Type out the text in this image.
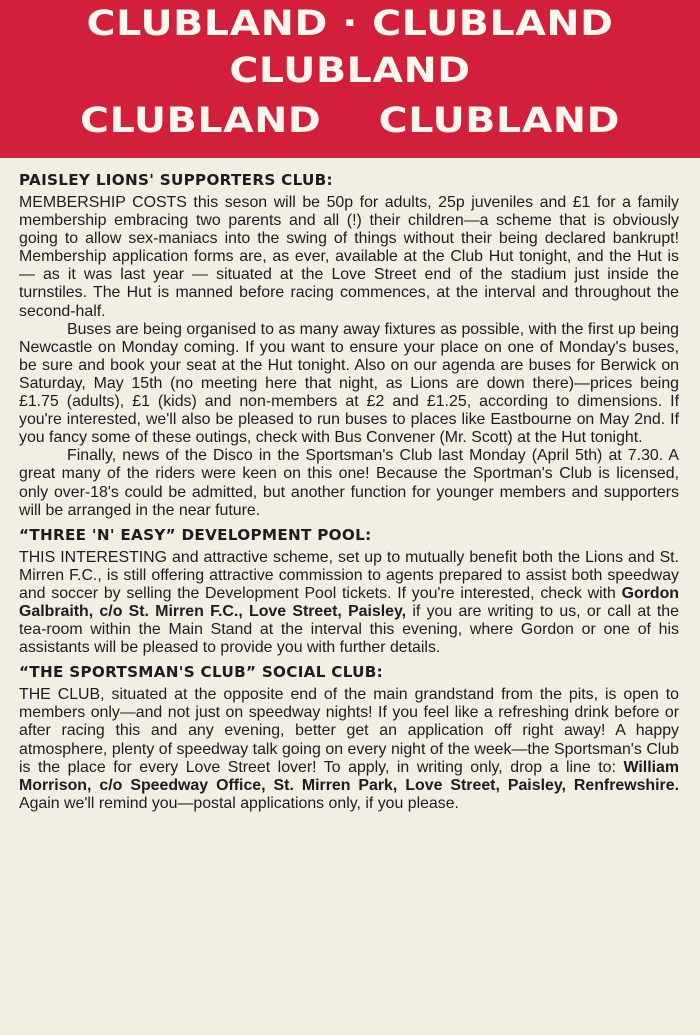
CLUBLAND · CLUBLAND
CLUBLAND
CLUBLAND    CLUBLAND
PAISLEY LIONS' SUPPORTERS CLUB:

MEMBERSHIP COSTS this seson will be 50p for adults, 25p juveniles and £1 for a family membership embracing two parents and all (!) their children—a scheme that is obviously going to allow sex-maniacs into the swing of things without their being declared bankrupt! Membership application forms are, as ever, available at the Club Hut tonight, and the Hut is — as it was last year — situated at the Love Street end of the stadium just inside the turnstiles. The Hut is manned before racing commences, at the interval and throughout the second-half.

Buses are being organised to as many away fixtures as possible, with the first up being Newcastle on Monday coming. If you want to ensure your place on one of Monday's buses, be sure and book your seat at the Hut tonight. Also on our agenda are buses for Berwick on Saturday, May 15th (no meeting here that night, as Lions are down there)—prices being £1.75 (adults), £1 (kids) and non-members at £2 and £1.25, according to dimensions. If you're interested, we'll also be pleased to run buses to places like Eastbourne on May 2nd. If you fancy some of these outings, check with Bus Convener (Mr. Scott) at the Hut tonight.

Finally, news of the Disco in the Sportsman's Club last Monday (April 5th) at 7.30. A great many of the riders were keen on this one! Because the Sportman's Club is licensed, only over-18's could be admitted, but another function for younger members and supporters will be arranged in the near future.

“THREE 'N' EASY” DEVELOPMENT POOL:

THIS INTERESTING and attractive scheme, set up to mutually benefit both the Lions and St. Mirren F.C., is still offering attractive commission to agents prepared to assist both speedway and soccer by selling the Development Pool tickets. If you're interested, check with Gordon Galbraith, c/o St. Mirren F.C., Love Street, Paisley, if you are writing to us, or call at the tea-room within the Main Stand at the interval this evening, where Gordon or one of his assistants will be pleased to provide you with further details.

“THE SPORTSMAN'S CLUB” SOCIAL CLUB:

THE CLUB, situated at the opposite end of the main grandstand from the pits, is open to members only—and not just on speedway nights! If you feel like a refreshing drink before or after racing this and any evening, better get an application off right away! A happy atmosphere, plenty of speedway talk going on every night of the week—the Sportsman's Club is the place for every Love Street lover! To apply, in writing only, drop a line to: William Morrison, c/o Speedway Office, St. Mirren Park, Love Street, Paisley, Renfrewshire. Again we'll remind you—postal applications only, if you please.
